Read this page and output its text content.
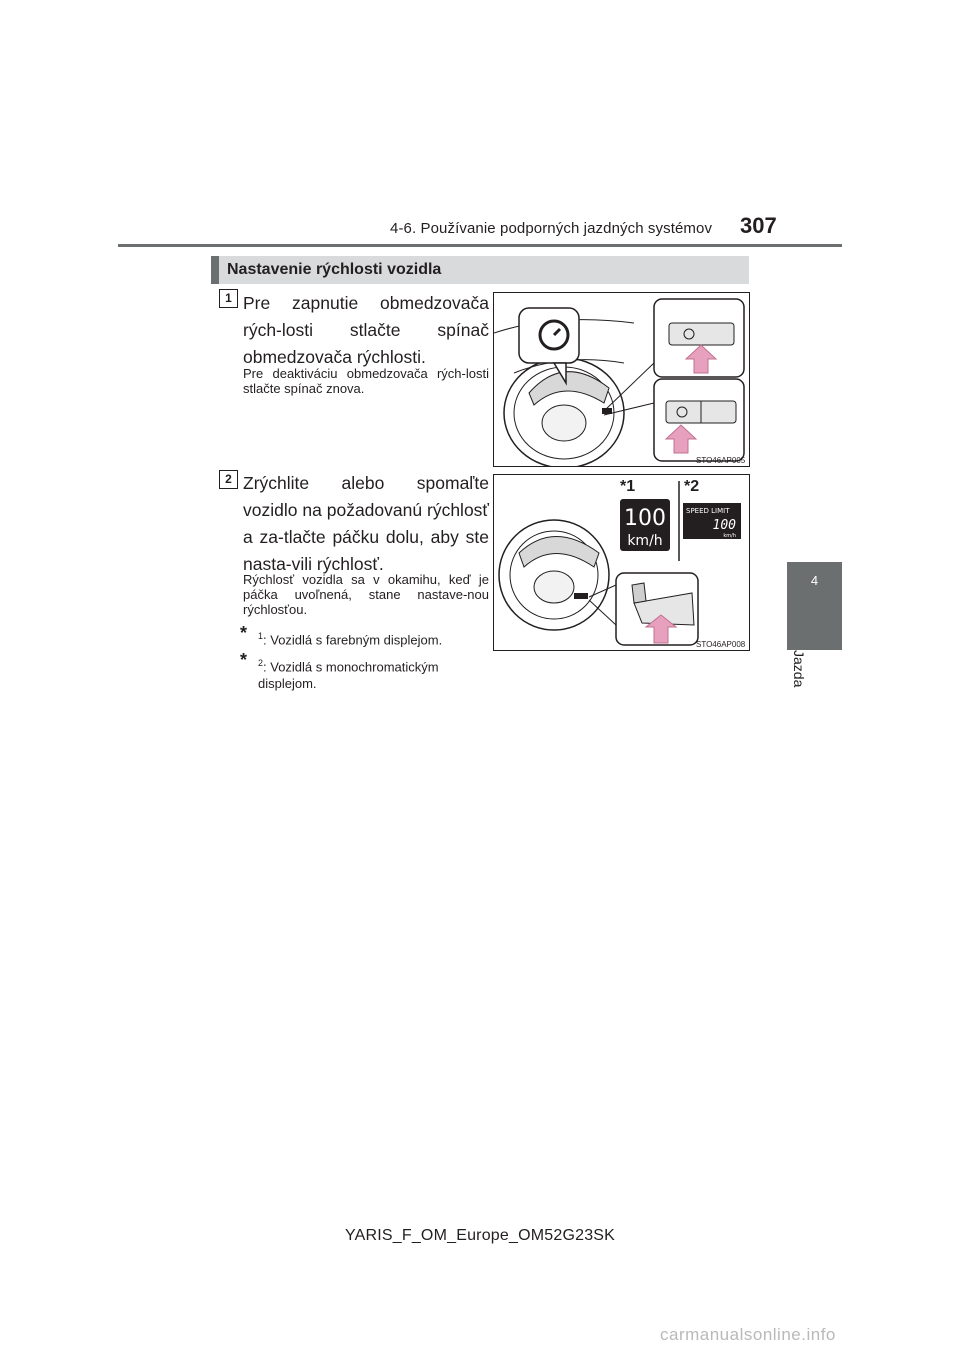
4-6. Používanie podporných jazdných systémov 307
4
Jazda
Nastavenie rýchlosti vozidla
1 Pre zapnutie obmedzovača rých-losti stlačte spínač obmedzovača rýchlosti.
Pre deaktiváciu obmedzovača rých-losti stlačte spínač znova.
STO46AP005
2 Zrýchlite alebo spomaľte vozidlo na požadovanú rýchlosť a za-tlačte páčku dolu, aby ste nasta-vili rýchlosť.
Rýchlosť vozidla sa v okamihu, keď je páčka uvoľnená, stane nastave-nou rýchlosťou.
*1	*2
100
km/h
SPEED LIMIT
100
km/h
STO46AP008
* $^1$: Vozidlá s farebným displejom.
* $^2$: Vozidlá s monochromatickým displejom.
YARIS_F_OM_Europe_OM52G23SK
carmanualsonline.info
